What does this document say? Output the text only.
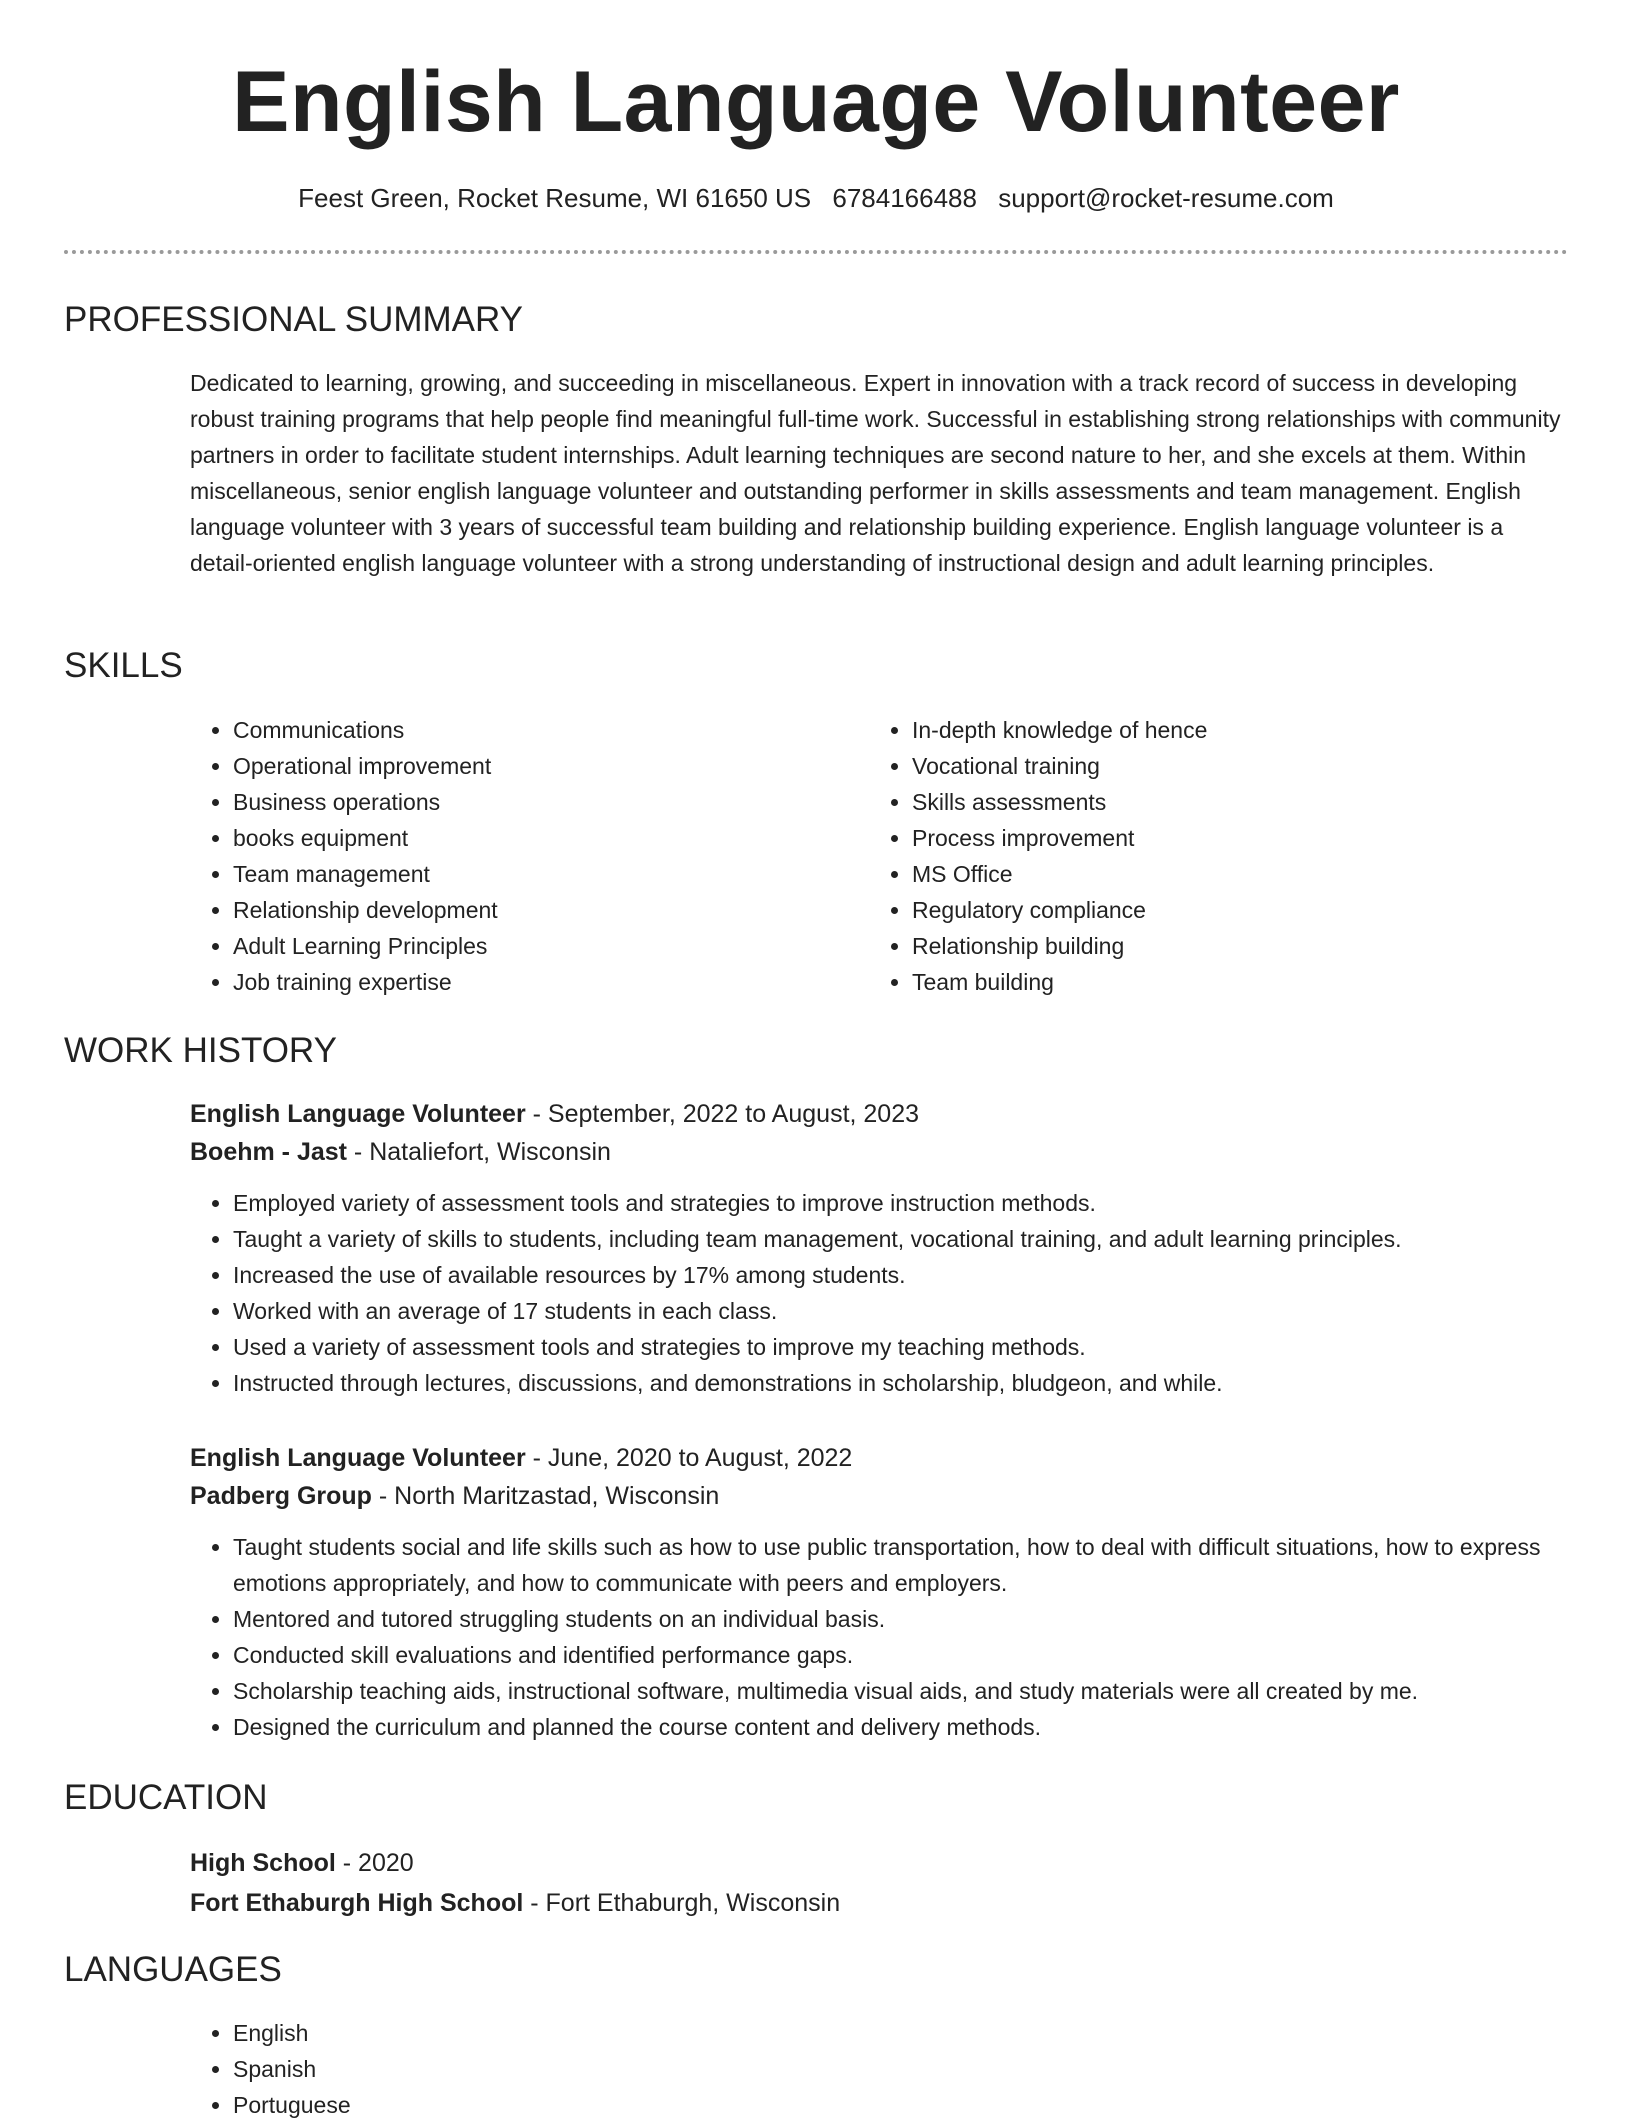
English Language Volunteer
Feest Green, Rocket Resume, WI 61650 US 6784166488 support@rocket-resume.com
PROFESSIONAL SUMMARY

Dedicated to learning, growing, and succeeding in miscellaneous. Expert in innovation with a track record of success in developing robust training programs that help people find meaningful full-time work. Successful in establishing strong relationships with community partners in order to facilitate student internships. Adult learning techniques are second nature to her, and she excels at them. Within miscellaneous, senior english language volunteer and outstanding performer in skills assessments and team management. English language volunteer with 3 years of successful team building and relationship building experience. English language volunteer is a detail-oriented english language volunteer with a strong understanding of instructional design and adult learning principles.

SKILLS
• Communications
• Operational improvement
• Business operations
• books equipment
• Team management
• Relationship development
• Adult Learning Principles
• Job training expertise
• In-depth knowledge of hence
• Vocational training
• Skills assessments
• Process improvement
• MS Office
• Regulatory compliance
• Relationship building
• Team building
WORK HISTORY

English Language Volunteer - September, 2022 to August, 2023

Boehm - Jast - Nataliefort, Wisconsin

• Employed variety of assessment tools and strategies to improve instruction methods.
• Taught a variety of skills to students, including team management, vocational training, and adult learning principles.
• Increased the use of available resources by 17% among students.
• Worked with an average of 17 students in each class.
• Used a variety of assessment tools and strategies to improve my teaching methods.
• Instructed through lectures, discussions, and demonstrations in scholarship, bludgeon, and while.

English Language Volunteer - June, 2020 to August, 2022

Padberg Group - North Maritzastad, Wisconsin

• Taught students social and life skills such as how to use public transportation, how to deal with difficult situations, how to express emotions appropriately, and how to communicate with peers and employers.
• Mentored and tutored struggling students on an individual basis.
• Conducted skill evaluations and identified performance gaps.
• Scholarship teaching aids, instructional software, multimedia visual aids, and study materials were all created by me.
• Designed the curriculum and planned the course content and delivery methods.
EDUCATION

High School - 2020

Fort Ethaburgh High School - Fort Ethaburgh, Wisconsin

LANGUAGES
• English
• Spanish
• Portuguese
